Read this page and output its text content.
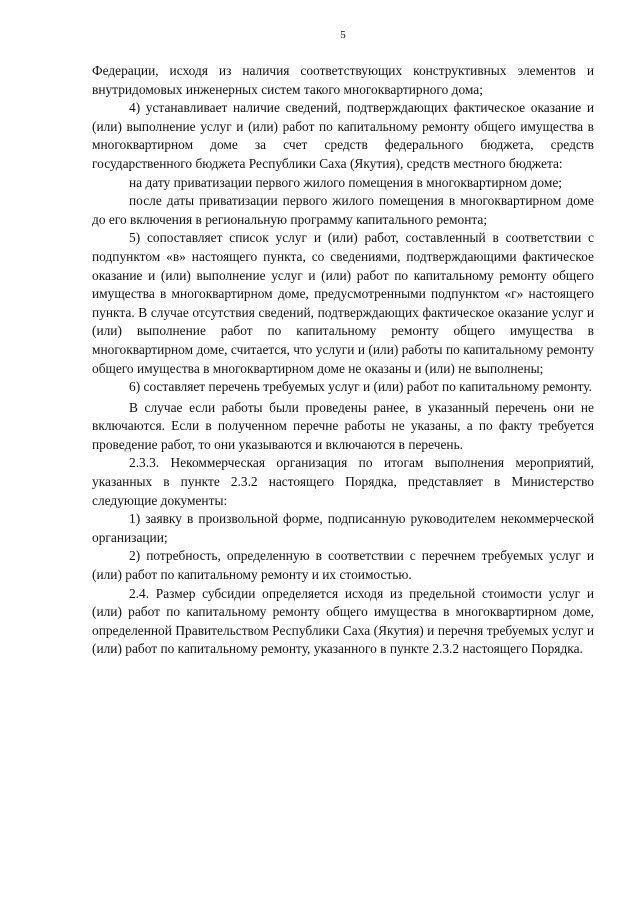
5

Федерации, исходя из наличия соответствующих конструктивных элементов и внутридомовых инженерных систем такого многоквартирного дома;

4) устанавливает наличие сведений, подтверждающих фактическое оказание и (или) выполнение услуг и (или) работ по капитальному ремонту общего имущества в многоквартирном доме за счет средств федерального бюджета, средств государственного бюджета Республики Саха (Якутия), средств местного бюджета:

на дату приватизации первого жилого помещения в многоквартирном доме;

после даты приватизации первого жилого помещения в многоквартирном доме до его включения в региональную программу капитального ремонта;

5) сопоставляет список услуг и (или) работ, составленный в соответствии с подпунктом «в» настоящего пункта, со сведениями, подтверждающими фактическое оказание и (или) выполнение услуг и (или) работ по капитальному ремонту общего имущества в многоквартирном доме, предусмотренными подпунктом «г» настоящего пункта. В случае отсутствия сведений, подтверждающих фактическое оказание услуг и (или) выполнение работ по капитальному ремонту общего имущества в многоквартирном доме, считается, что услуги и (или) работы по капитальному ремонту общего имущества в многоквартирном доме не оказаны и (или) не выполнены;

6) составляет перечень требуемых услуг и (или) работ по капитальному ремонту.

В случае если работы были проведены ранее, в указанный перечень они не включаются. Если в полученном перечне работы не указаны, а по факту требуется проведение работ, то они указываются и включаются в перечень.

2.3.3. Некоммерческая организация по итогам выполнения мероприятий, указанных в пункте 2.3.2 настоящего Порядка, представляет в Министерство следующие документы:

1) заявку в произвольной форме, подписанную руководителем некоммерческой организации;

2) потребность, определенную в соответствии с перечнем требуемых услуг и (или) работ по капитальному ремонту и их стоимостью.

2.4. Размер субсидии определяется исходя из предельной стоимости услуг и (или) работ по капитальному ремонту общего имущества в многоквартирном доме, определенной Правительством Республики Саха (Якутия) и перечня требуемых услуг и (или) работ по капитальному ремонту, указанного в пункте 2.3.2 настоящего Порядка.
